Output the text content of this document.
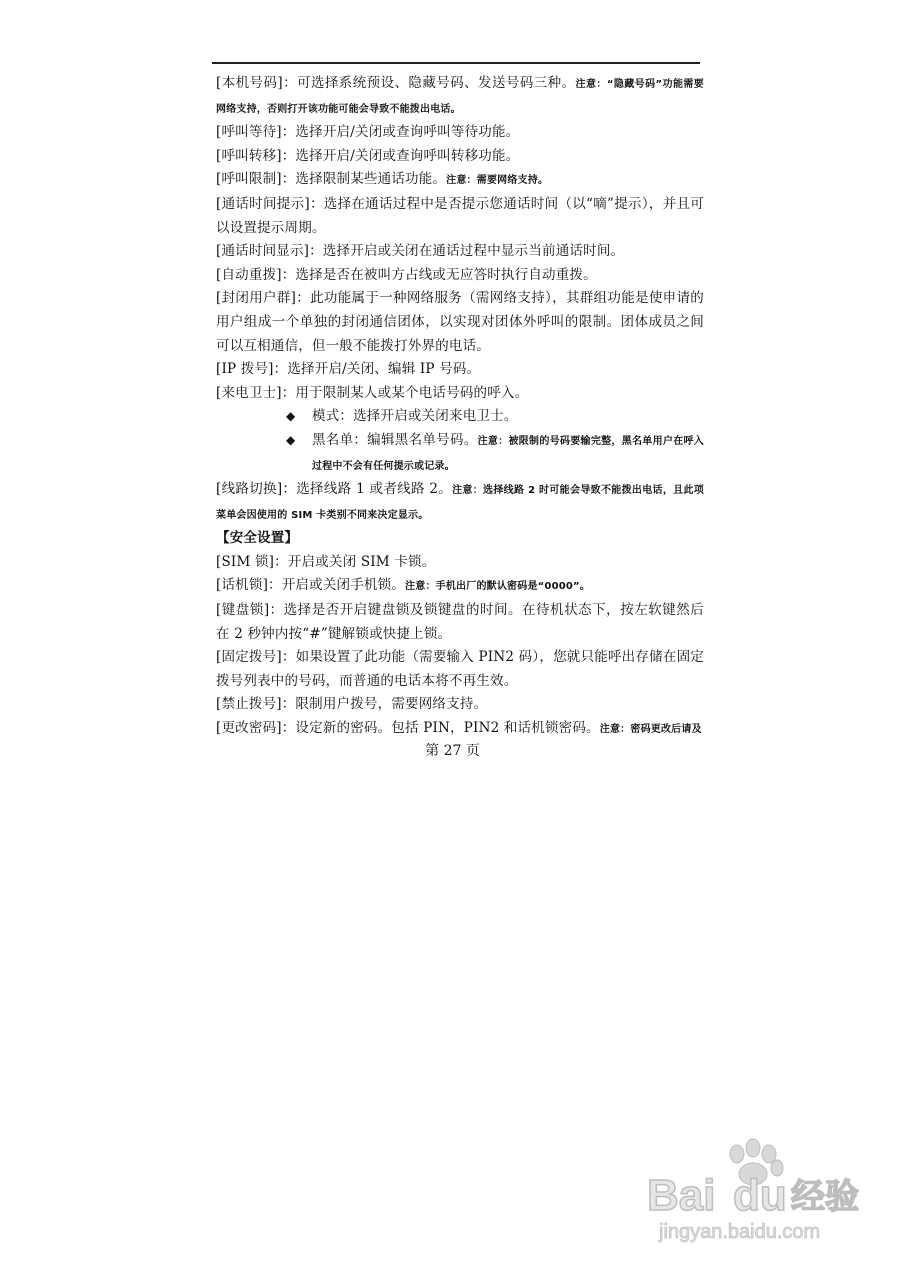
[本机号码]：可选择系统预设、隐藏号码、发送号码三种。注意：“隐藏号码”功能需要网络支持，否则打开该功能可能会导致不能拨出电话。

[呼叫等待]：选择开启/关闭或查询呼叫等待功能。

[呼叫转移]：选择开启/关闭或查询呼叫转移功能。

[呼叫限制]：选择限制某些通话功能。注意：需要网络支持。

[通话时间提示]：选择在通话过程中是否提示您通话时间（以“嘀”提示），并且可以设置提示周期。

[通话时间显示]：选择开启或关闭在通话过程中显示当前通话时间。

[自动重拨]：选择是否在被叫方占线或无应答时执行自动重拨。

[封闭用户群]：此功能属于一种网络服务（需网络支持），其群组功能是使申请的用户组成一个单独的封闭通信团体，以实现对团体外呼叫的限制。团体成员之间可以互相通信，但一般不能拨打外界的电话。

[IP 拨号]：选择开启/关闭、编辑 IP 号码。

[来电卫士]：用于限制某人或某个电话号码的呼入。

◆ 模式：选择开启或关闭来电卫士。

◆ 黑名单：编辑黑名单号码。注意：被限制的号码要输完整，黑名单用户在呼入过程中不会有任何提示或记录。

[线路切换]：选择线路 1 或者线路 2。注意：选择线路 2 时可能会导致不能拨出电话，且此项菜单会因使用的 SIM 卡类别不同来决定显示。

【安全设置】

[SIM 锁]：开启或关闭 SIM 卡锁。

[话机锁]：开启或关闭手机锁。注意：手机出厂的默认密码是“0000”。

[键盘锁]：选择是否开启键盘锁及锁键盘的时间。在待机状态下，按左软键然后在 2 秒钟内按“#”键解锁或快捷上锁。

[固定拨号]：如果设置了此功能（需要输入 PIN2 码），您就只能呼出存储在固定拨号列表中的号码，而普通的电话本将不再生效。

[禁止拨号]：限制用户拨号，需要网络支持。

[更改密码]：设定新的密码。包括 PIN，PIN2 和话机锁密码。注意：密码更改后请及

第 27 页
Bai du 经验
jingyan.baidu.com
